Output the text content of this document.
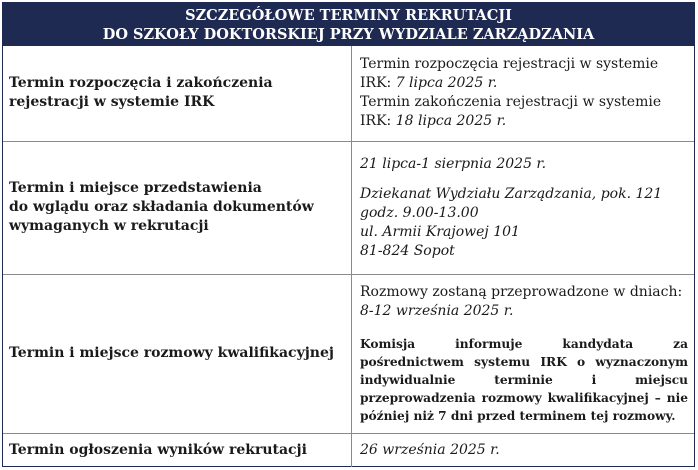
SZCZEGÓŁOWE TERMINY REKRUTACJI
DO SZKOŁY DOKTORSKIEJ PRZY WYDZIALE ZARZĄDZANIA
Termin rozpoczęcia i zakończenia
rejestracji w systemie IRK	Termin rozpoczęcia rejestracji w systemie
IRK: 7 lipca 2025 r.
Termin zakończenia rejestracji w systemie
IRK: 18 lipca 2025 r.

Termin i miejsce przedstawienia
do wglądu oraz składania dokumentów
wymaganych w rekrutacji	21 lipca-1 sierpnia 2025 r.
Dziekanat Wydziału Zarządzania, pok. 121
godz. 9.00-13.00
ul. Armii Krajowej 101
81-824 Sopot

Termin i miejsce rozmowy kwalifikacyjnej	Rozmowy zostaną przeprowadzone w dniach:
8-12 września 2025 r.
Komisja informuje kandydata za pośrednictwem systemu IRK o wyznaczonym indywidualnie terminie i miejscu przeprowadzenia rozmowy kwalifikacyjnej – nie później niż 7 dni przed terminem tej rozmowy.

Termin ogłoszenia wyników rekrutacji	26 września 2025 r.
